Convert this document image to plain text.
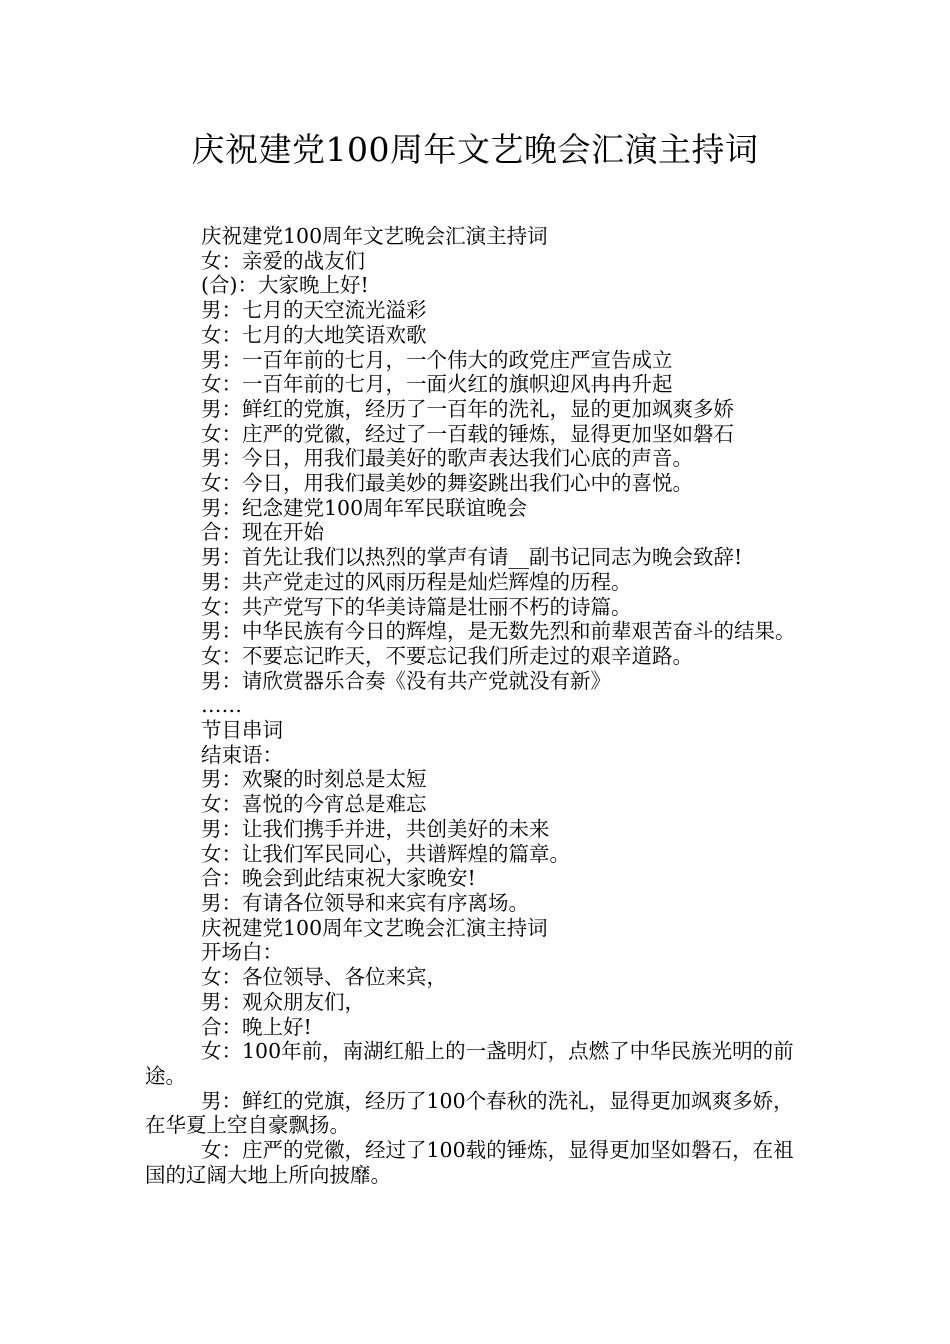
庆祝建党100周年文艺晚会汇演主持词

庆祝建党100周年文艺晚会汇演主持词

女：亲爱的战友们

(合)：大家晚上好!

男：七月的天空流光溢彩

女：七月的大地笑语欢歌

男：一百年前的七月，一个伟大的政党庄严宣告成立

女：一百年前的七月，一面火红的旗帜迎风冉冉升起

男：鲜红的党旗，经历了一百年的洗礼，显的更加飒爽多娇

女：庄严的党徽，经过了一百载的锤炼，显得更加坚如磐石

男：今日，用我们最美好的歌声表达我们心底的声音。

女：今日，用我们最美妙的舞姿跳出我们心中的喜悦。

男：纪念建党100周年军民联谊晚会

合：现在开始

男：首先让我们以热烈的掌声有请__副书记同志为晚会致辞!

男：共产党走过的风雨历程是灿烂辉煌的历程。

女：共产党写下的华美诗篇是壮丽不朽的诗篇。

男：中华民族有今日的辉煌，是无数先烈和前辈艰苦奋斗的结果。

女：不要忘记昨天，不要忘记我们所走过的艰辛道路。

男：请欣赏器乐合奏《没有共产党就没有新》

……

节目串词

结束语：

男：欢聚的时刻总是太短

女：喜悦的今宵总是难忘

男：让我们携手并进，共创美好的未来

女：让我们军民同心，共谱辉煌的篇章。

合：晚会到此结束祝大家晚安!

男：有请各位领导和来宾有序离场。

庆祝建党100周年文艺晚会汇演主持词

开场白：

女：各位领导、各位来宾，

男：观众朋友们，

合：晚上好!

女：100年前，南湖红船上的一盏明灯，点燃了中华民族光明的前途。

男：鲜红的党旗，经历了100个春秋的洗礼，显得更加飒爽多娇，在华夏上空自豪飘扬。

女：庄严的党徽，经过了100载的锤炼，显得更加坚如磐石，在祖国的辽阔大地上所向披靡。
